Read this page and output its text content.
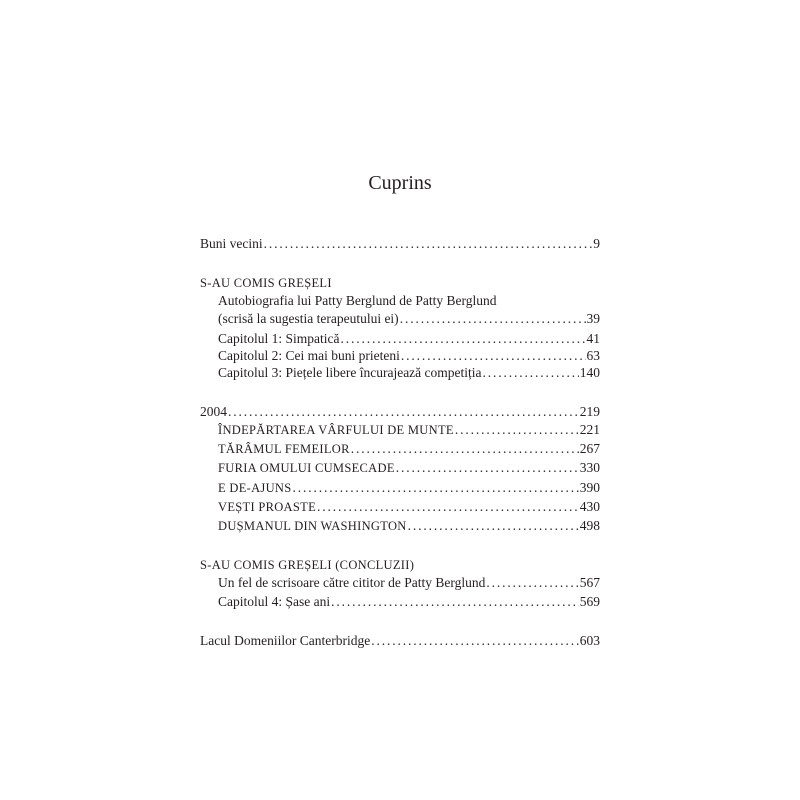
Cuprins
Buni vecini . . .	9
S-AU COMIS GREȘELI
Autobiografia lui Patty Berglund de Patty Berglund
(scrisă la sugestia terapeutului ei) . . .	39
Capitolul 1: Simpatică . . .	41
Capitolul 2: Cei mai buni prieteni . . .	63
Capitolul 3: Piețele libere încurajează competiția . . .	140
2004 . . .	219
ÎNDEPĂRTAREA VÂRFULUI DE MUNTE . . .	221
TĂRÂMUL FEMEILOR . . .	267
FURIA OMULUI CUMSECADE . . .	330
E DE-AJUNS . . .	390
VEȘTI PROASTE . . .	430
DUȘMANUL DIN WASHINGTON . . .	498
S-AU COMIS GREȘELI (CONCLUZII)
Un fel de scrisoare către cititor de Patty Berglund . . .	567
Capitolul 4: Șase ani . . .	569
Lacul Domeniilor Canterbridge . . .	603
